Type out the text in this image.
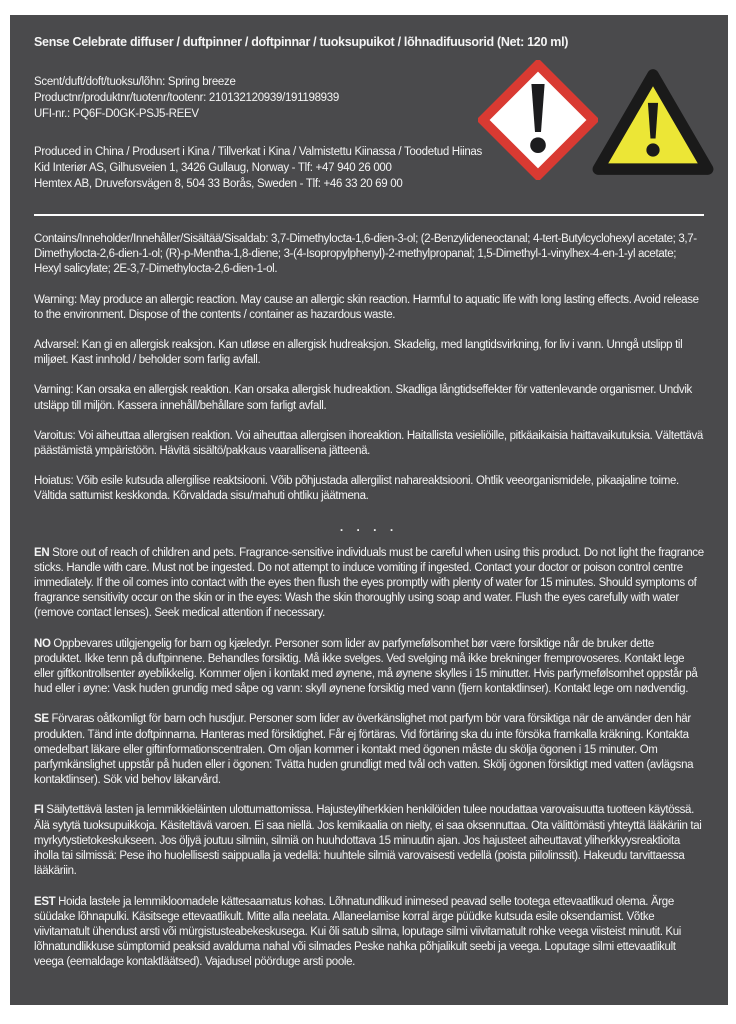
Sense Celebrate diffuser / duftpinner / doftpinnar / tuoksupuikot / lõhnadifuusorid (Net: 120 ml)
Scent/duft/doft/tuoksu/lõhn: Spring breeze
Productnr/produktnr/tuotenr/tootenr: 210132120939/191198939
UFI-nr.: PQ6F-D0GK-PSJ5-REEV
Produced in China / Produsert i Kina / Tillverkat i Kina / Valmistettu Kiinassa / Toodetud Hiinas
Kid Interiør AS, Gilhusveien 1, 3426 Gullaug, Norway - Tlf: +47 940 26 000
Hemtex AB, Druveforsvägen 8, 504 33 Borås, Sweden - Tlf: +46 33 20 69 00

Contains/Inneholder/Innehåller/Sisältää/Sisaldab: 3,7-Dimethylocta-1,6-dien-3-ol; (2-Benzylideneoctanal; 4-tert-Butylcyclohexyl acetate; 3,7-Dimethylocta-2,6-dien-1-ol; (R)-p-Mentha-1,8-diene; 3-(4-Isopropylphenyl)-2-methylpropanal; 1,5-Dimethyl-1-vinylhex-4-en-1-yl acetate; Hexyl salicylate; 2E-3,7-Dimethylocta-2,6-dien-1-ol.

Warning: May produce an allergic reaction. May cause an allergic skin reaction. Harmful to aquatic life with long lasting effects. Avoid release to the environment. Dispose of the contents / container as hazardous waste.

Advarsel: Kan gi en allergisk reaksjon. Kan utløse en allergisk hudreaksjon. Skadelig, med langtidsvirkning, for liv i vann. Unngå utslipp til miljøet. Kast innhold / beholder som farlig avfall.

Varning: Kan orsaka en allergisk reaktion. Kan orsaka allergisk hudreaktion. Skadliga långtidseffekter för vattenlevande organismer. Undvik utsläpp till miljön. Kassera innehåll/behållare som farligt avfall.

Varoitus: Voi aiheuttaa allergisen reaktion. Voi aiheuttaa allergisen ihoreaktion. Haitallista vesieliöille, pitkäaikaisia haittavaikutuksia. Vältettävä päästämistä ympäristöön. Hävitä sisältö/pakkaus vaarallisena jätteenä.

Hoiatus: Võib esile kutsuda allergilise reaktsiooni. Võib põhjustada allergilist nahareaktsiooni. Ohtlik veeorganismidele, pikaajaline toime. Vältida sattumist keskkonda. Kõrvaldada sisu/mahuti ohtliku jäätmena.

. . . .

EN Store out of reach of children and pets. Fragrance-sensitive individuals must be careful when using this product. Do not light the fragrance sticks. Handle with care. Must not be ingested. Do not attempt to induce vomiting if ingested. Contact your doctor or poison control centre immediately. If the oil comes into contact with the eyes then flush the eyes promptly with plenty of water for 15 minutes. Should symptoms of fragrance sensitivity occur on the skin or in the eyes: Wash the skin thoroughly using soap and water. Flush the eyes carefully with water (remove contact lenses). Seek medical attention if necessary.

NO Oppbevares utilgjengelig for barn og kjæledyr. Personer som lider av parfymefølsomhet bør være forsiktige når de bruker dette produktet. Ikke tenn på duftpinnene. Behandles forsiktig. Må ikke svelges. Ved svelging må ikke brekninger fremprovoseres. Kontakt lege eller giftkontrollsenter øyeblikkelig. Kommer oljen i kontakt med øynene, må øynene skylles i 15 minutter. Hvis parfymefølsomhet oppstår på hud eller i øyne: Vask huden grundig med såpe og vann: skyll øynene forsiktig med vann (fjern kontaktlinser). Kontakt lege om nødvendig.

SE Förvaras oåtkomligt för barn och husdjur. Personer som lider av överkänslighet mot parfym bör vara försiktiga när de använder den här produkten. Tänd inte doftpinnarna. Hanteras med försiktighet. Får ej förtäras. Vid förtäring ska du inte försöka framkalla kräkning. Kontakta omedelbart läkare eller giftinformationscentralen. Om oljan kommer i kontakt med ögonen måste du skölja ögonen i 15 minuter. Om parfymkänslighet uppstår på huden eller i ögonen: Tvätta huden grundligt med tvål och vatten. Skölj ögonen försiktigt med vatten (avlägsna kontaktlinser). Sök vid behov läkarvård.

FI Säilytettävä lasten ja lemmikkieläinten ulottumattomissa. Hajusteyliherkkien henkilöiden tulee noudattaa varovaisuutta tuotteen käytössä. Älä sytytä tuoksupuikkoja. Käsiteltävä varoen. Ei saa niellä. Jos kemikaalia on nielty, ei saa oksennuttaa. Ota välittömästi yhteyttä lääkäriin tai myrkytystietokeskukseen. Jos öljyä joutuu silmiin, silmiä on huuhdottava 15 minuutin ajan. Jos hajusteet aiheuttavat yliherkkyysreaktioita iholla tai silmissä: Pese iho huolellisesti saippualla ja vedellä: huuhtele silmiä varovaisesti vedellä (poista piilolinssit). Hakeudu tarvittaessa lääkäriin.

EST Hoida lastele ja lemmikloomadele kättesaamatus kohas. Lõhnatundlikud inimesed peavad selle tootega ettevaatlikud olema. Ärge süüdake lõhnapulki. Käsitsege ettevaatlikult. Mitte alla neelata. Allaneelamise korral ärge püüdke kutsuda esile oksendamist. Võtke viivitamatult ühendust arsti või mürgistusteabekeskusega. Kui õli satub silma, loputage silmi viivitamatult rohke veega viisteist minutit. Kui lõhnatundlikkuse sümptomid peaksid avalduma nahal või silmades Peske nahka põhjalikult seebi ja veega. Loputage silmi ettevaatlikult veega (eemaldage kontaktläätsed). Vajadusel pöörduge arsti poole.
